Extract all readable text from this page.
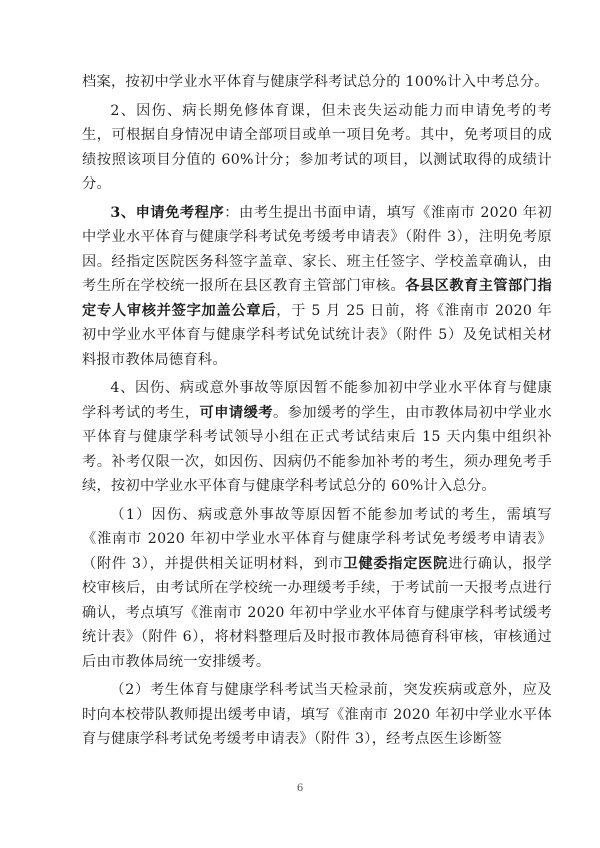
档案，按初中学业水平体育与健康学科考试总分的 100%计入中考总分。

2、因伤、病长期免修体育课，但未丧失运动能力而申请免考的考生，可根据自身情况申请全部项目或单一项目免考。其中，免考项目的成绩按照该项目分值的 60%计分；参加考试的项目，以测试取得的成绩计分。

3、申请免考程序：由考生提出书面申请，填写《淮南市 2020 年初中学业水平体育与健康学科考试免考缓考申请表》（附件 3），注明免考原因。经指定医院医务科签字盖章、家长、班主任签字、学校盖章确认，由考生所在学校统一报所在县区教育主管部门审核。各县区教育主管部门指定专人审核并签字加盖公章后，于 5 月 25 日前，将《淮南市 2020 年初中学业水平体育与健康学科考试免试统计表》（附件 5）及免试相关材料报市教体局德育科。

4、因伤、病或意外事故等原因暂不能参加初中学业水平体育与健康学科考试的考生，可申请缓考。参加缓考的学生，由市教体局初中学业水平体育与健康学科考试领导小组在正式考试结束后 15 天内集中组织补考。补考仅限一次，如因伤、因病仍不能参加补考的考生，须办理免考手续，按初中学业水平体育与健康学科考试总分的 60%计入总分。

（1）因伤、病或意外事故等原因暂不能参加考试的考生，需填写《淮南市 2020 年初中学业水平体育与健康学科考试免考缓考申请表》（附件 3），并提供相关证明材料，到市卫健委指定医院进行确认，报学校审核后，由考试所在学校统一办理缓考手续，于考试前一天报考点进行确认，考点填写《淮南市 2020 年初中学业水平体育与健康学科考试缓考统计表》（附件 6），将材料整理后及时报市教体局德育科审核，审核通过后由市教体局统一安排缓考。

（2）考生体育与健康学科考试当天检录前，突发疾病或意外，应及时向本校带队教师提出缓考申请，填写《淮南市 2020 年初中学业水平体育与健康学科考试免考缓考申请表》（附件 3），经考点医生诊断签

6
